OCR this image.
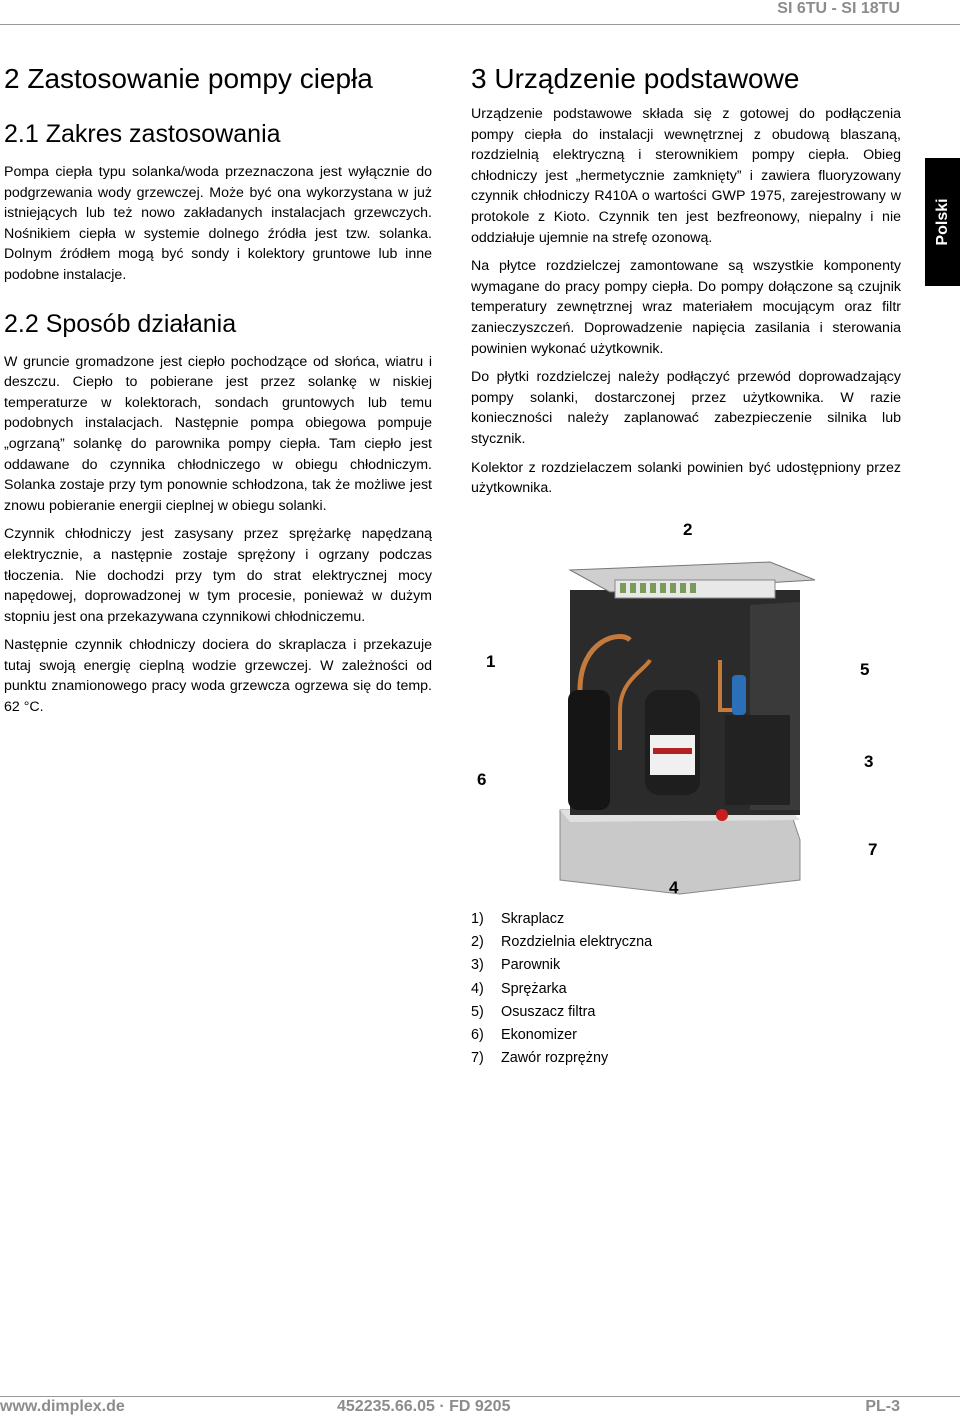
SI 6TU - SI 18TU
Polski
2 Zastosowanie pompy ciepła
2.1 Zakres zastosowania

Pompa ciepła typu solanka/woda przeznaczona jest wyłącznie do podgrzewania wody grzewczej. Może być ona wykorzystana w już istniejących lub też nowo zakładanych instalacjach grzewczych. Nośnikiem ciepła w systemie dolnego źródła jest tzw. solanka. Dolnym źródłem mogą być sondy i kolektory gruntowe lub inne podobne instalacje.

2.2 Sposób działania

W gruncie gromadzone jest ciepło pochodzące od słońca, wiatru i deszczu. Ciepło to pobierane jest przez solankę w niskiej temperaturze w kolektorach, sondach gruntowych lub temu podobnych instalacjach. Następnie pompa obiegowa pompuje „ogrzaną” solankę do parownika pompy ciepła. Tam ciepło jest oddawane do czynnika chłodniczego w obiegu chłodniczym. Solanka zostaje przy tym ponownie schłodzona, tak że możliwe jest znowu pobieranie energii cieplnej w obiegu solanki.

Czynnik chłodniczy jest zasysany przez sprężarkę napędzaną elektrycznie, a następnie zostaje sprężony i ogrzany podczas tłoczenia. Nie dochodzi przy tym do strat elektrycznej mocy napędowej, doprowadzonej w tym procesie, ponieważ w dużym stopniu jest ona przekazywana czynnikowi chłodniczemu.

Następnie czynnik chłodniczy dociera do skraplacza i przekazuje tutaj swoją energię cieplną wodzie grzewczej. W zależności od punktu znamionowego pracy woda grzewcza ogrzewa się do temp. 62 °C.

3 Urządzenie podstawowe

Urządzenie podstawowe składa się z gotowej do podłączenia pompy ciepła do instalacji wewnętrznej z obudową blaszaną, rozdzielnią elektryczną i sterownikiem pompy ciepła. Obieg chłodniczy jest „hermetycznie zamknięty” i zawiera fluoryzowany czynnik chłodniczy R410A o wartości GWP 1975, zarejestrowany w protokole z Kioto. Czynnik ten jest bezfreonowy, niepalny i nie oddziałuje ujemnie na strefę ozonową.

Na płytce rozdzielczej zamontowane są wszystkie komponenty wymagane do pracy pompy ciepła. Do pompy dołączone są czujnik temperatury zewnętrznej wraz materiałem mocującym oraz filtr zanieczyszczeń. Doprowadzenie napięcia zasilania i sterowania powinien wykonać użytkownik.

Do płytki rozdzielczej należy podłączyć przewód doprowadzający pompy solanki, dostarczonej przez użytkownika. W razie konieczności należy zaplanować zabezpieczenie silnika lub stycznik.

Kolektor z rozdzielaczem solanki powinien być udostępniony przez użytkownika.

2
1	5
6
3
7
4
1)	Skraplacz
2)	Rozdzielnia elektryczna
3)	Parownik
4)	Sprężarka
5)	Osuszacz filtra
6)	Ekonomizer
7)	Zawór rozprężny
www.dimplex.de	452235.66.05 · FD 9205	PL-3
